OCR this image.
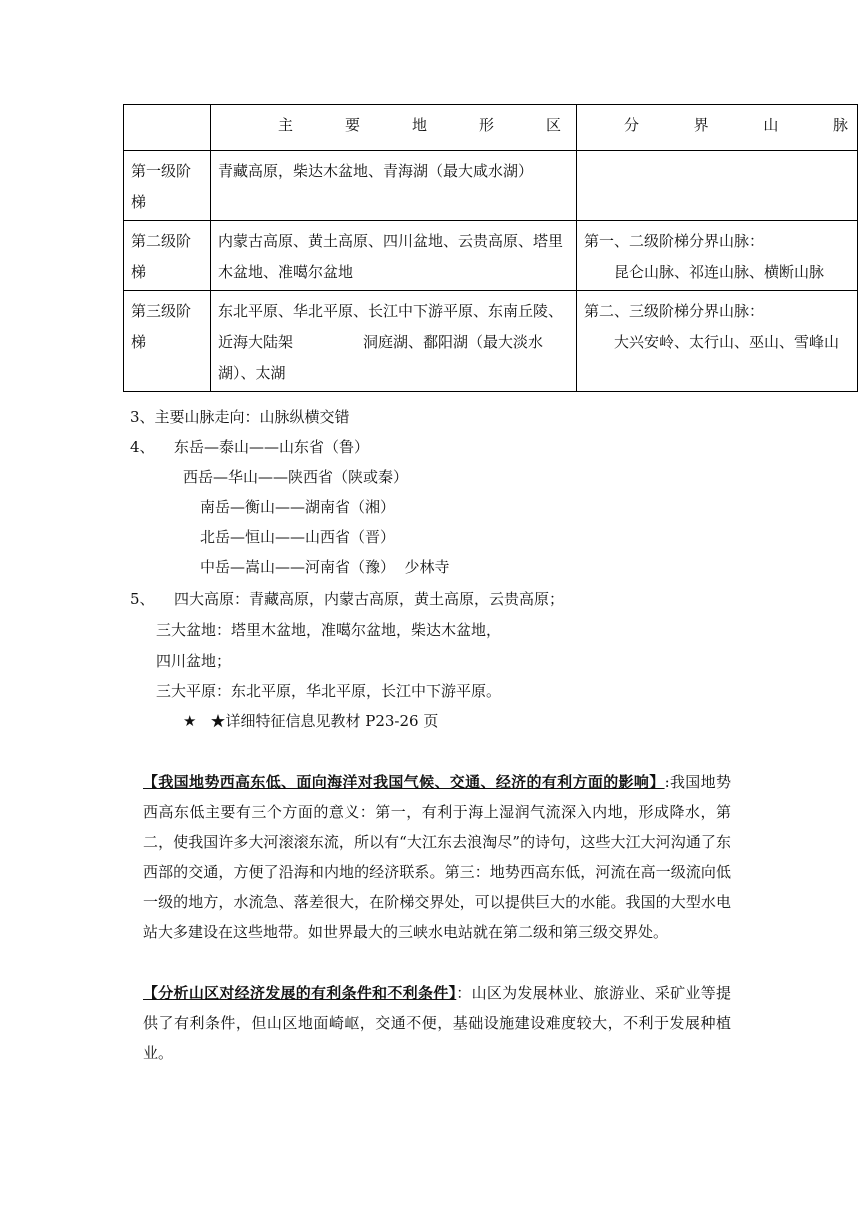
	主 要 地 形 区	分 界 山 脉

第一级阶梯	青藏高原，柴达木盆地、青海湖（最大咸水湖）	

第二级阶梯	内蒙古高原、黄土高原、四川盆地、云贵高原、塔里木盆地、准噶尔盆地	第一、二级阶梯分界山脉：
昆仑山脉、祁连山脉、横断山脉

第三级阶梯	东北平原、华北平原、长江中下游平原、东南丘陵、近海大陆架 洞庭湖、鄱阳湖（最大淡水湖）、太湖	第二、三级阶梯分界山脉：
大兴安岭、太行山、巫山、雪峰山
3、主要山脉走向：山脉纵横交错
4、 东岳—泰山——山东省（鲁）
西岳—华山——陕西省（陕或秦）
南岳—衡山——湖南省（湘）
北岳—恒山——山西省（晋）
中岳—嵩山——河南省（豫）  少林寺
5、 四大高原：青藏高原，内蒙古高原，黄土高原，云贵高原；
三大盆地：塔里木盆地，准噶尔盆地，柴达木盆地，
四川盆地；
三大平原：东北平原，华北平原，长江中下游平原。
★ ★详细特征信息见教材 P23-26 页
【我国地势西高东低、面向海洋对我国气候、交通、经济的有利方面的影响】:我国地势西高东低主要有三个方面的意义：第一，有利于海上湿润气流深入内地，形成降水，第二，使我国许多大河滚滚东流，所以有“大江东去浪淘尽”的诗句，这些大江大河沟通了东西部的交通，方便了沿海和内地的经济联系。第三：地势西高东低，河流在高一级流向低一级的地方，水流急、落差很大，在阶梯交界处，可以提供巨大的水能。我国的大型水电站大多建设在这些地带。如世界最大的三峡水电站就在第二级和第三级交界处。
【分析山区对经济发展的有利条件和不利条件】：山区为发展林业、旅游业、采矿业等提供了有利条件，但山区地面崎岖，交通不便，基础设施建设难度较大，不利于发展种植业。
